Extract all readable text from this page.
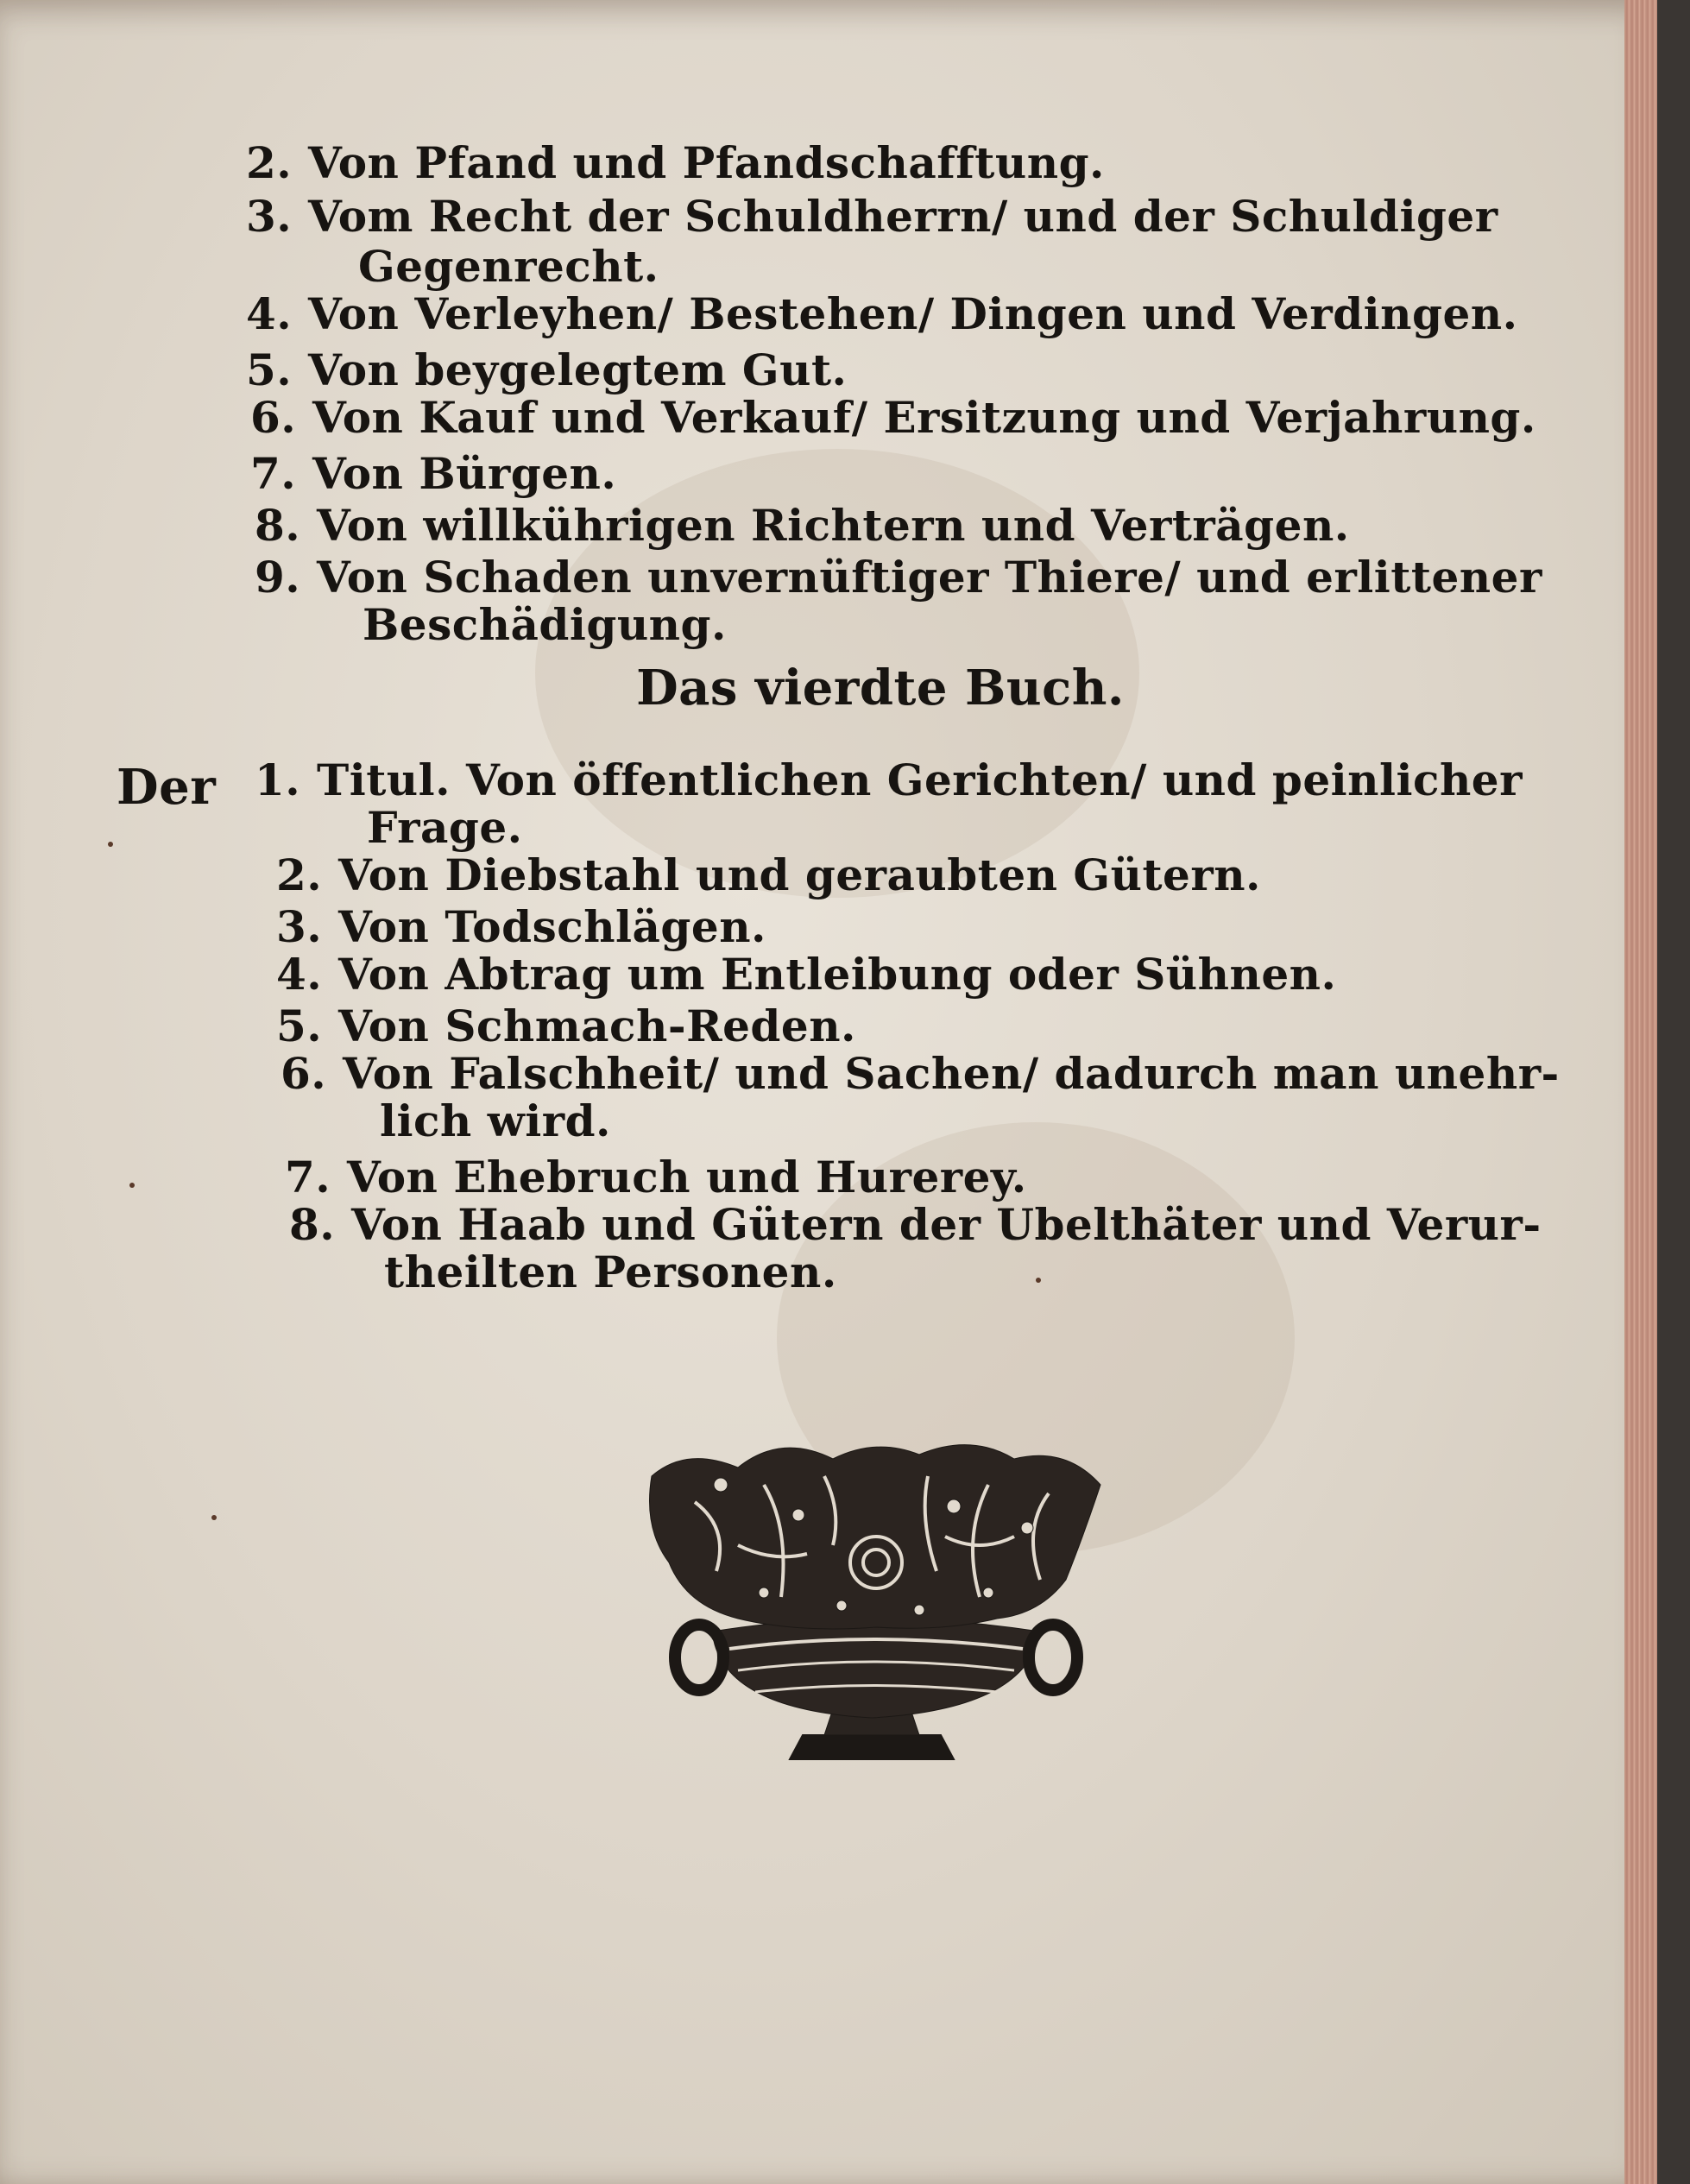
2. Von Pfand und Pfandschafftung.
3. Vom Recht der Schuldherrn/ und der Schuldiger
Gegenrecht.
4. Von Verleyhen/ Bestehen/ Dingen und Verdingen.
5. Von beygelegtem Gut.
6. Von Kauf und Verkauf/ Ersitzung und Verjahrung.
7. Von Bürgen.
8. Von willkührigen Richtern und Verträgen.
9. Von Schaden unvernüftiger Thiere/ und erlittener
Beschädigung.
Das vierdte Buch.
Der 1. Titul. Von öffentlichen Gerichten/ und peinlicher
Frage.
2. Von Diebstahl und geraubten Gütern.
3. Von Todschlägen.
4. Von Abtrag um Entleibung oder Sühnen.
5. Von Schmach-Reden.
6. Von Falschheit/ und Sachen/ dadurch man unehr-
lich wird.
7. Von Ehebruch und Hurerey.
8. Von Haab und Gütern der Ubelthäter und Verur-
theilten Personen.
